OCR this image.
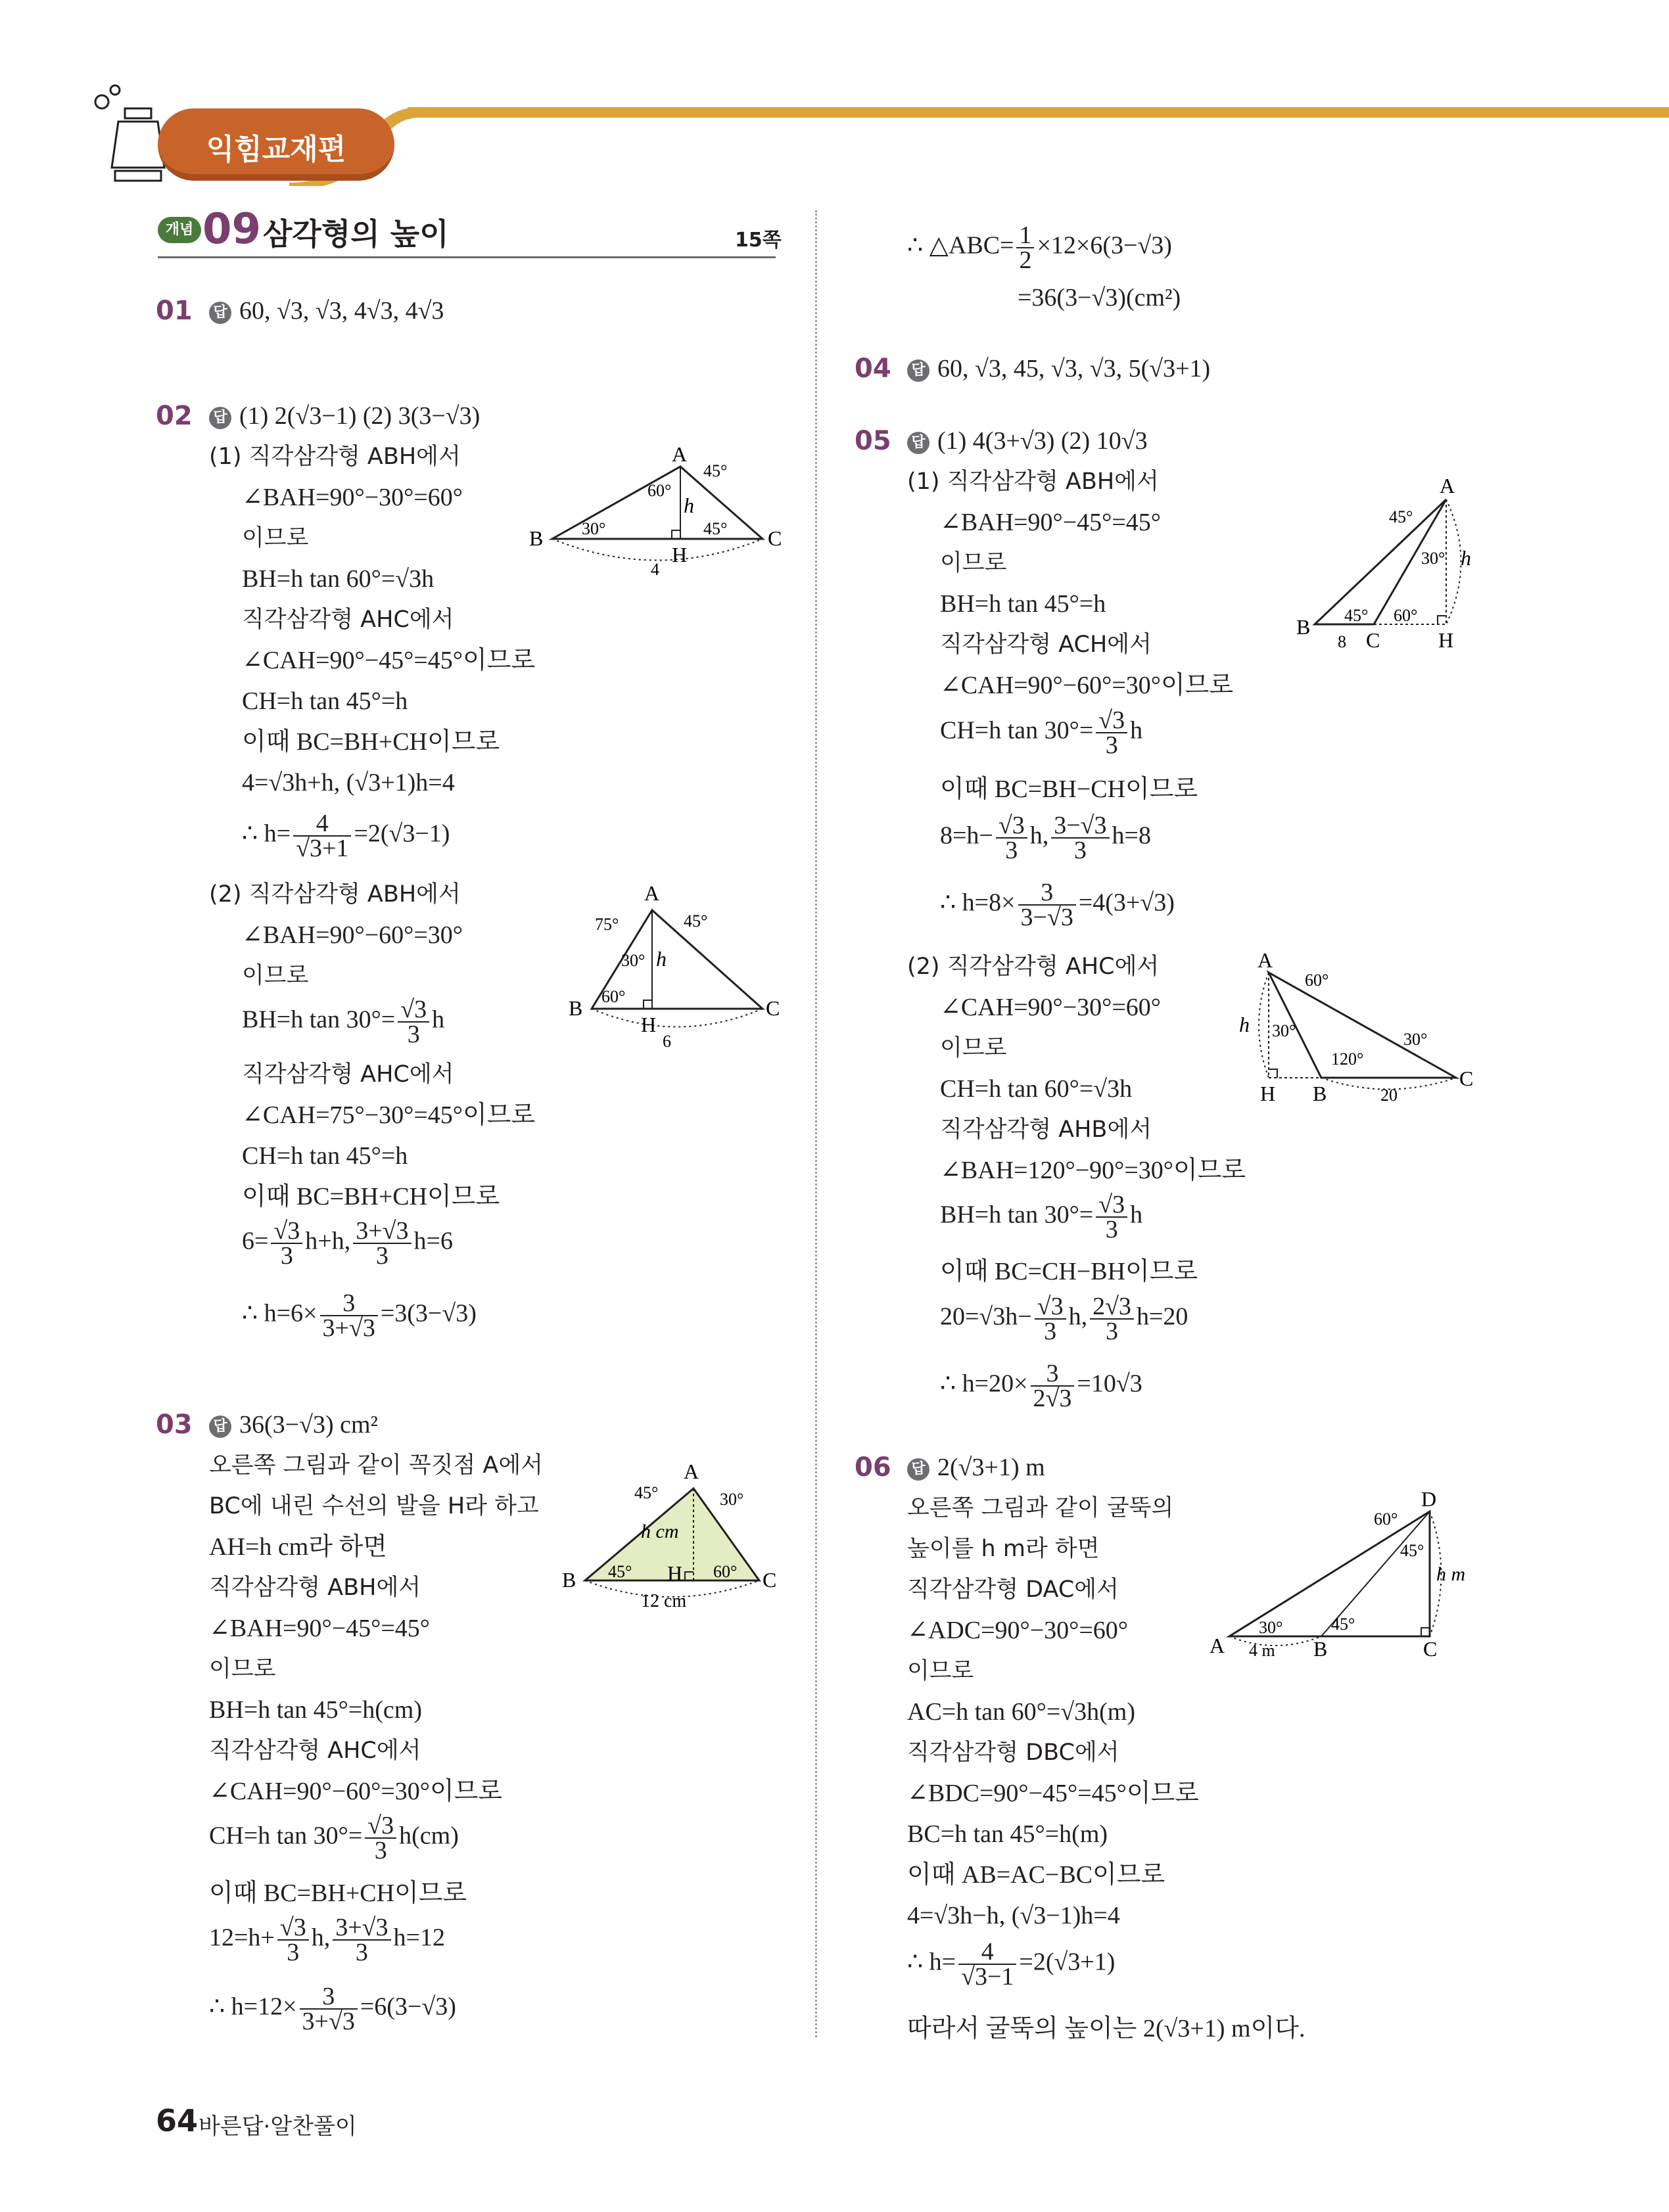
익힘교재편
개념 09 삼각형의 높이	15쪽
01 답 60, √3, √3, 4√3, 4√3
02 답 (1) 2(√3−1) (2) 3(3−√3)
(1) 직각삼각형 ABH에서
∠BAH=90°−30°=60°
이므로
BH=h tan 60°=√3h
직각삼각형 AHC에서
∠CAH=90°−45°=45°이므로
CH=h tan 45°=h
이때 BC=BH+CH이므로
4=√3h+h, (√3+1)h=4
∴ $h= \frac{4}{√3+1} =2(√3-1)$
(2) 직각삼각형 ABH에서
∠BAH=90°−60°=30°
이므로
BH=h $\tan 30^\circ= \frac{√3}{3}$ h
직각삼각형 AHC에서
∠CAH=75°−30°=45°이므로
CH=h tan 45°=h
이때 BC=BH+CH이므로
$6= \frac{√3}{3} h+h$, $\frac{3+√3}{3} h=6$
∴ $h=6\times \frac{3}{3+√3} =3(3-√3)$
03 답 36(3−√3) cm²
오른쪽 그림과 같이 꼭짓점 A에서
BC에 내린 수선의 발을 H라 하고
AH=h cm라 하면
직각삼각형 ABH에서
∠BAH=90°−45°=45°
이므로
BH=h tan 45°=h(cm)
직각삼각형 AHC에서
∠CAH=90°−60°=30°이므로
CH=h $\tan 30^\circ= \frac{√3}{3} h(cm)$
이때 BC=BH+CH이므로
$12=h+ \frac{√3}{3} h$, $\frac{3+√3}{3} h=12$
∴ $h=12\times \frac{3}{3+√3} =6(3-√3)$
∴ △ABC= $\frac{1}{2} \times 12\times 6(3-√3)$
=36(3−√3)(cm²)
04 답 60, √3, 45, √3, √3, 5(√3+1)
05 답 (1) 4(3+√3) (2) 10√3
(1) 직각삼각형 ABH에서
∠BAH=90°−45°=45°
이므로
BH=h tan 45°=h
직각삼각형 ACH에서
∠CAH=90°−60°=30°이므로
CH=h $\tan 30^\circ= \frac{√3}{3}$ h
이때 BC=BH−CH이므로
$8=h- \frac{√3}{3} h$, $\frac{3-√3}{3} h=8$
∴ $h=8\times \frac{3}{3-√3} =4(3+√3)$
(2) 직각삼각형 AHC에서
∠CAH=90°−30°=60°
이므로
CH=h tan 60°=√3h
직각삼각형 AHB에서
∠BAH=120°−90°=30°이므로
BH=h $\tan 30^\circ= \frac{√3}{3}$ h
이때 BC=CH−BH이므로
$20=√3h- \frac{√3}{3} h$, $\frac{2√3}{3} h=20$
∴ $h=20\times \frac{3}{2√3} =10√3$
06 답 2(√3+1) m
오른쪽 그림과 같이 굴뚝의
높이를 h m라 하면
직각삼각형 DAC에서
∠ADC=90°−30°=60°
이므로
AC=h tan 60°=√3h(m)
직각삼각형 DBC에서
∠BDC=90°−45°=45°이므로
BC=h tan 45°=h(m)
이때 AB=AC−BC이므로
4=√3h−h, (√3−1)h=4
∴ $h= \frac{4}{√3-1} =2(√3+1)$
따라서 굴뚝의 높이는 2(√3+1) m이다.
A
B	C
H
h
60°
45°
30°	45°
4
A
B	C
H
h
75°	45°
30°
60°
6
A
B	C
H
h cm
45°	30°
45°	60°
12 cm
A
B
C	H
h
45°
30°
45° 60°
8
A
B
C
H
h
60°
30°
120°
30°
20
A	B	C
D
h m
60°
45°
30°	45°
4 m
64 바른답·알찬풀이
